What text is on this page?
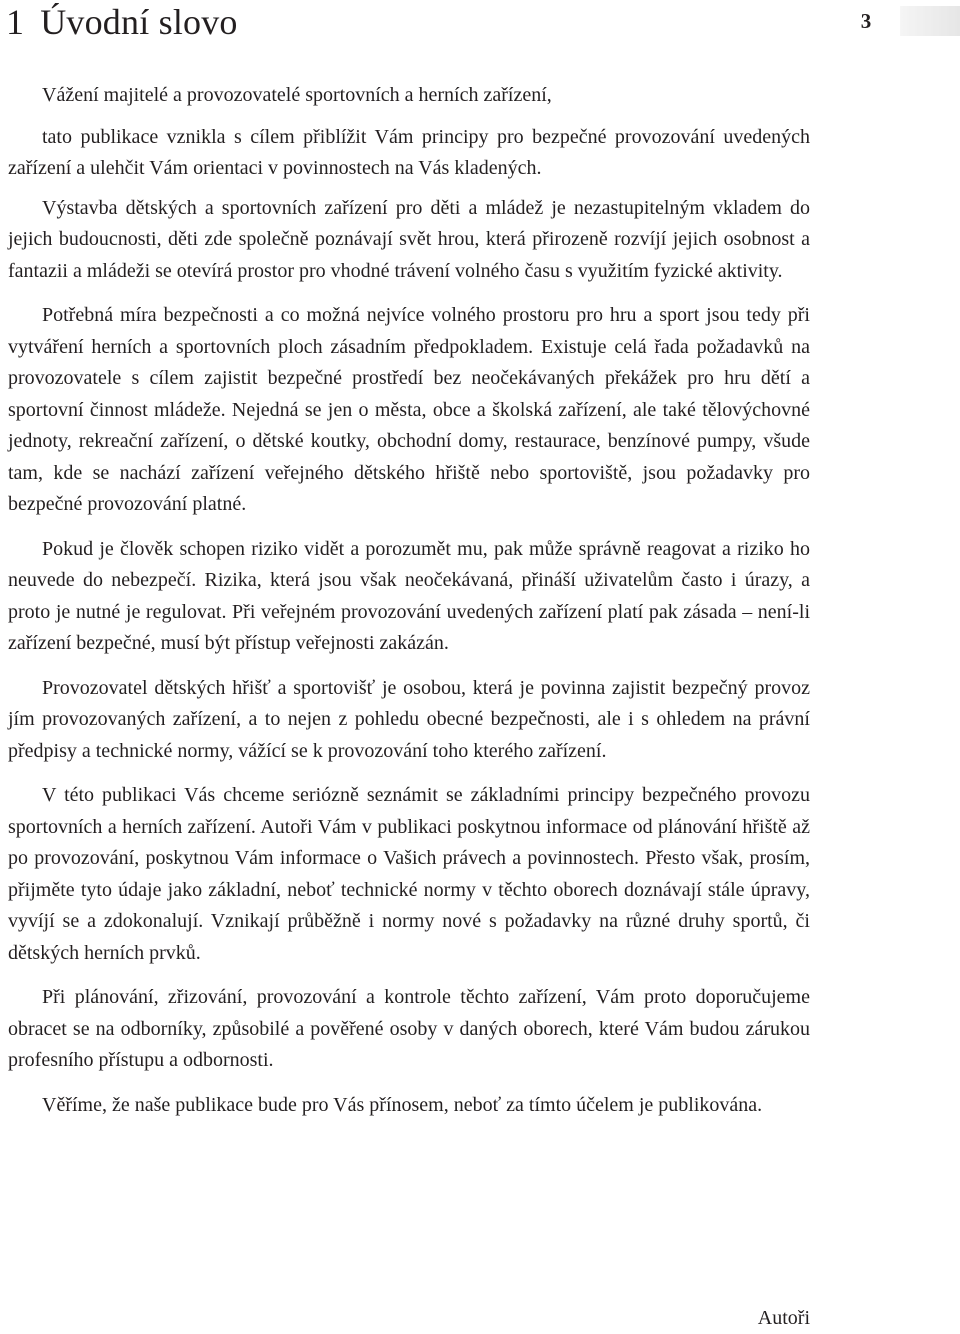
1 Úvodní slovo	3

Vážení majitelé a provozovatelé sportovních a herních zařízení,

tato publikace vznikla s cílem přiblížit Vám principy pro bezpečné provozování uvedených zařízení a ulehčit Vám orientaci v povinnostech na Vás kladených.

Výstavba dětských a sportovních zařízení pro děti a mládež je nezastupitelným vkladem do jejich budoucnosti, děti zde společně poznávají svět hrou, která přirozeně rozvíjí jejich osobnost a fantazii a mládeži se otevírá prostor pro vhodné trávení volného času s využitím fyzické aktivity.

Potřebná míra bezpečnosti a co možná nejvíce volného prostoru pro hru a sport jsou tedy při vytváření herních a sportovních ploch zásadním předpokladem. Existuje celá řada požadavků na provozovatele s cílem zajistit bezpečné prostředí bez neočekávaných překážek pro hru dětí a sportovní činnost mládeže. Nejedná se jen o města, obce a školská zařízení, ale také tělovýchovné jednoty, rekreační zařízení, o dětské koutky, obchodní domy, restaurace, benzínové pumpy, všude tam, kde se nachází zařízení veřejného dětského hřiště nebo sportoviště, jsou požadavky pro bezpečné provozování platné.

Pokud je člověk schopen riziko vidět a porozumět mu, pak může správně reagovat a riziko ho neuvede do nebezpečí. Rizika, která jsou však neočekávaná, přináší uživatelům často i úrazy, a proto je nutné je regulovat. Při veřejném provozování uvedených zařízení platí pak zásada – není-li zařízení bezpečné, musí být přístup veřejnosti zakázán.

Provozovatel dětských hřišť a sportovišť je osobou, která je povinna zajistit bezpečný provoz jím provozovaných zařízení, a to nejen z pohledu obecné bezpečnosti, ale i s ohledem na právní předpisy a technické normy, vážící se k provozování toho kterého zařízení.

V této publikaci Vás chceme seriózně seznámit se základními principy bezpečného provozu sportovních a herních zařízení. Autoři Vám v publikaci poskytnou informace od plánování hřiště až po provozování, poskytnou Vám informace o Vašich právech a povinnostech. Přesto však, prosím, přijměte tyto údaje jako základní, neboť technické normy v těchto oborech doznávají stále úpravy, vyvíjí se a zdokonalují. Vznikají průběžně i normy nové s požadavky na různé druhy sportů, či dětských herních prvků.

Při plánování, zřizování, provozování a kontrole těchto zařízení, Vám proto doporučujeme obracet se na odborníky, způsobilé a pověřené osoby v daných oborech, které Vám budou zárukou profesního přístupu a odbornosti.

Věříme, že naše publikace bude pro Vás přínosem, neboť za tímto účelem je publikována.

Autoři
